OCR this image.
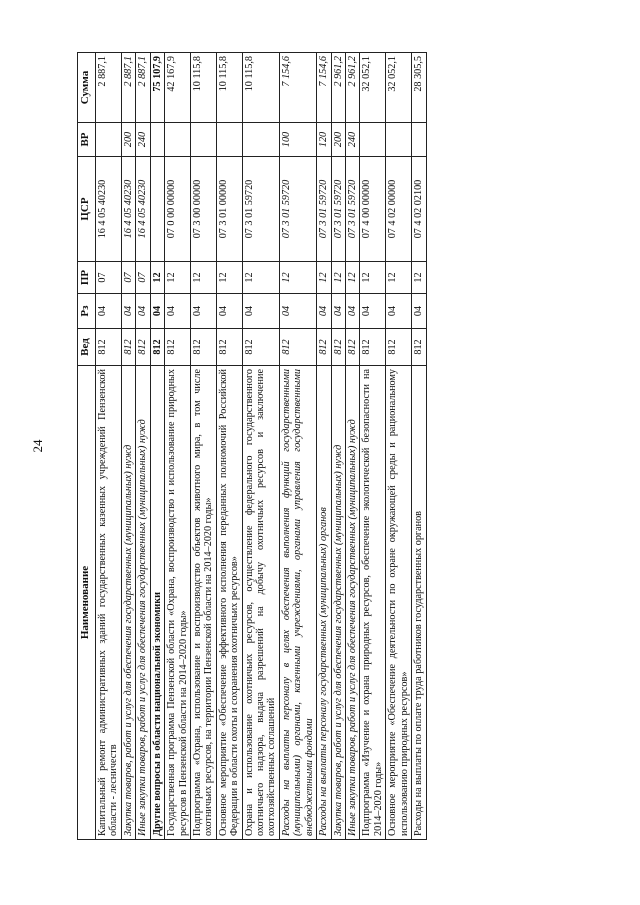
24
Наименование	Вед	Рз	ПР	ЦСР	ВР	Сумма
Капитальный ремонт административных зданий государственных казенных учреждений Пензенской области - лесничеств	812	04	07	16 4 05 40230		2 887,1
Закупка товаров, работ и услуг для обеспечения государственных (муниципальных) нужд	812	04	07	16 4 05 40230	200	2 887,1
Иные закупки товаров, работ и услуг для обеспечения государственных (муниципальных) нужд	812	04	07	16 4 05 40230	240	2 887,1
Другие вопросы в области национальной экономики	812	04	12			75 107,9
Государственная программа Пензенской области «Охрана, воспроизводство и использование природных ресурсов в Пензенской области на 2014–2020 годы»	812	04	12	07 0 00 00000		42 167,9
Подпрограмма «Охрана, использование и воспроизводство объектов животного мира, в том числе охотничьих ресурсов, на территории Пензенской области на 2014–2020 годы»	812	04	12	07 3 00 00000		10 115,8
Основное мероприятие «Обеспечение эффективного исполнения переданных полномочий Российской Федерации в области охоты и сохранения охотничьих ресурсов»	812	04	12	07 3 01 00000		10 115,8
Охрана и использование охотничьих ресурсов, осуществление федерального государственного охотничьего надзора, выдача разрешений на добычу охотничьих ресурсов и заключение охотхозяйственных соглашений	812	04	12	07 3 01 59720		10 115,8
Расходы на выплаты персоналу в целях обеспечения выполнения функций государственными (муниципальными) органами, казенными учреждениями, органами управления государственными внебюджетными фондами	812	04	12	07 3 01 59720	100	7 154,6
Расходы на выплаты персоналу государственных (муниципальных) органов	812	04	12	07 3 01 59720	120	7 154,6
Закупка товаров, работ и услуг для обеспечения государственных (муниципальных) нужд	812	04	12	07 3 01 59720	200	2 961,2
Иные закупки товаров, работ и услуг для обеспечения государственных (муниципальных) нужд	812	04	12	07 3 01 59720	240	2 961,2
Подпрограмма «Изучение и охрана природных ресурсов, обеспечение экологической безопасности на 2014–2020 годы»	812	04	12	07 4 00 00000		32 052,1
Основное мероприятие «Обеспечение деятельности по охране окружающей среды и рациональному использованию природных ресурсов»	812	04	12	07 4 02 00000		32 052,1
Расходы на выплаты по оплате труда работников государственных органов	812	04	12	07 4 02 02100		28 305,5
